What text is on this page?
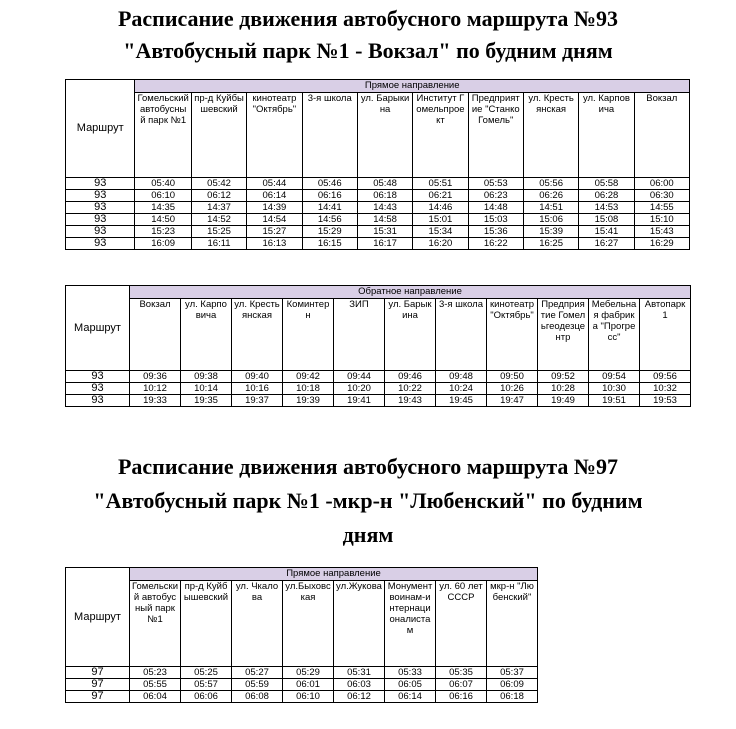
Расписание движения автобусного маршрута №93
"Автобусный парк №1 - Вокзал" по будним дням
Маршрут	Прямое направление									
	Гомельский автобусный парк №1	пр-д Куйбышевский	кинотеатр "Октябрь"	3-я школа	ул. Барыкина	Институт Гомельпроект	Предприятие "Станко Гомель"	ул. Крестьянская	ул. Карповича	Вокзал
93	05:40	05:42	05:44	05:46	05:48	05:51	05:53	05:56	05:58	06:00
93	06:10	06:12	06:14	06:16	06:18	06:21	06:23	06:26	06:28	06:30
93	14:35	14:37	14:39	14:41	14:43	14:46	14:48	14:51	14:53	14:55
93	14:50	14:52	14:54	14:56	14:58	15:01	15:03	15:06	15:08	15:10
93	15:23	15:25	15:27	15:29	15:31	15:34	15:36	15:39	15:41	15:43
93	16:09	16:11	16:13	16:15	16:17	16:20	16:22	16:25	16:27	16:29
Маршрут	Обратное направление										
	Вокзал	ул. Карповича	ул. Крестьянская	Коминтерн	ЗИП	ул. Барыкина	3-я школа	кинотеатр "Октябрь"	Предприятие Гомельгеодезцентр	Мебельная фабрика "Прогресс"	Автопарк 1
93	09:36	09:38	09:40	09:42	09:44	09:46	09:48	09:50	09:52	09:54	09:56
93	10:12	10:14	10:16	10:18	10:20	10:22	10:24	10:26	10:28	10:30	10:32
93	19:33	19:35	19:37	19:39	19:41	19:43	19:45	19:47	19:49	19:51	19:53
Расписание движения автобусного маршрута №97
"Автобусный парк №1 -мкр-н "Любенский" по будним
дням
Маршрут	Прямое направление							
	Гомельский автобусный парк №1	пр-д Куйбышевский	ул. Чкалова	ул.Быховская	ул.Жукова	Монумент воинам-интернационалистам	ул. 60 лет СССР	мкр-н "Любенский"
97	05:23	05:25	05:27	05:29	05:31	05:33	05:35	05:37
97	05:55	05:57	05:59	06:01	06:03	06:05	06:07	06:09
97	06:04	06:06	06:08	06:10	06:12	06:14	06:16	06:18
